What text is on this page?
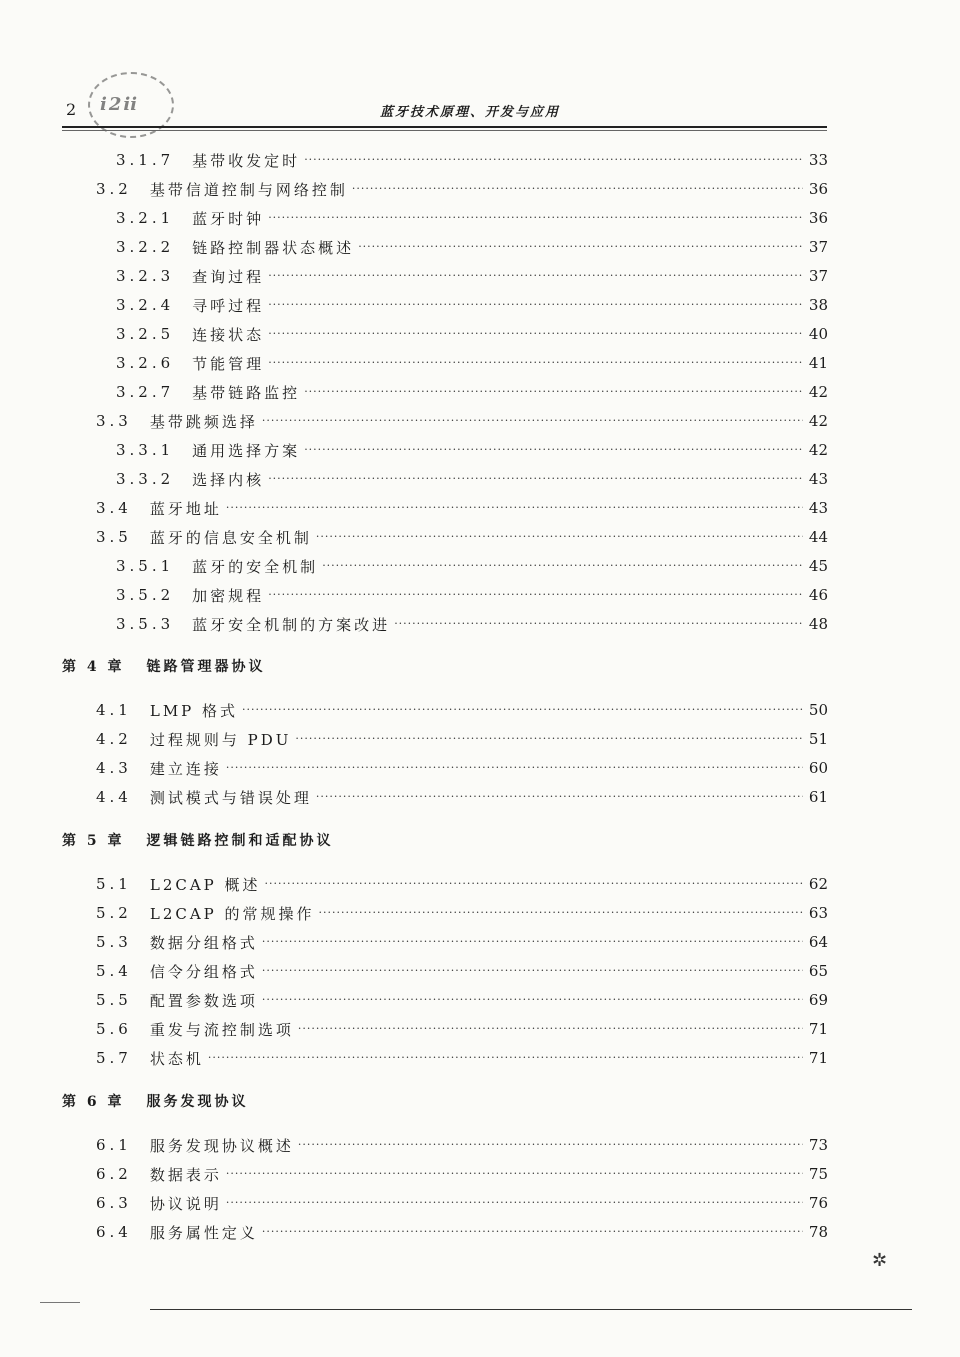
ⅰ2ⅱ
2	蓝牙技术原理、开发与应用
3.1.7 基带收发定时 ·····	33
3.2 基带信道控制与网络控制 ·····	36
3.2.1 蓝牙时钟 ·····	36
3.2.2 链路控制器状态概述 ·····	37
3.2.3 查询过程 ·····	37
3.2.4 寻呼过程 ·····	38
3.2.5 连接状态 ·····	40
3.2.6 节能管理 ·····	41
3.2.7 基带链路监控 ·····	42
3.3 基带跳频选择 ·····	42
3.3.1 通用选择方案 ·····	42
3.3.2 选择内核 ·····	43
3.4 蓝牙地址 ·····	43
3.5 蓝牙的信息安全机制 ·····	44
3.5.1 蓝牙的安全机制 ·····	45
3.5.2 加密规程 ·····	46
3.5.3 蓝牙安全机制的方案改进 ·····	48
第 4 章 链路管理器协议
4.1 LMP 格式 ·····	50
4.2 过程规则与 PDU ·····	51
4.3 建立连接 ·····	60
4.4 测试模式与错误处理 ·····	61
第 5 章 逻辑链路控制和适配协议
5.1 L2CAP 概述 ·····	62
5.2 L2CAP 的常规操作 ·····	63
5.3 数据分组格式 ·····	64
5.4 信令分组格式 ·····	65
5.5 配置参数选项 ·····	69
5.6 重发与流控制选项 ·····	71
5.7 状态机 ·····	71
第 6 章 服务发现协议
6.1 服务发现协议概述 ·····	73
6.2 数据表示 ·····	75
6.3 协议说明 ·····	76
6.4 服务属性定义 ·····	78
✲
